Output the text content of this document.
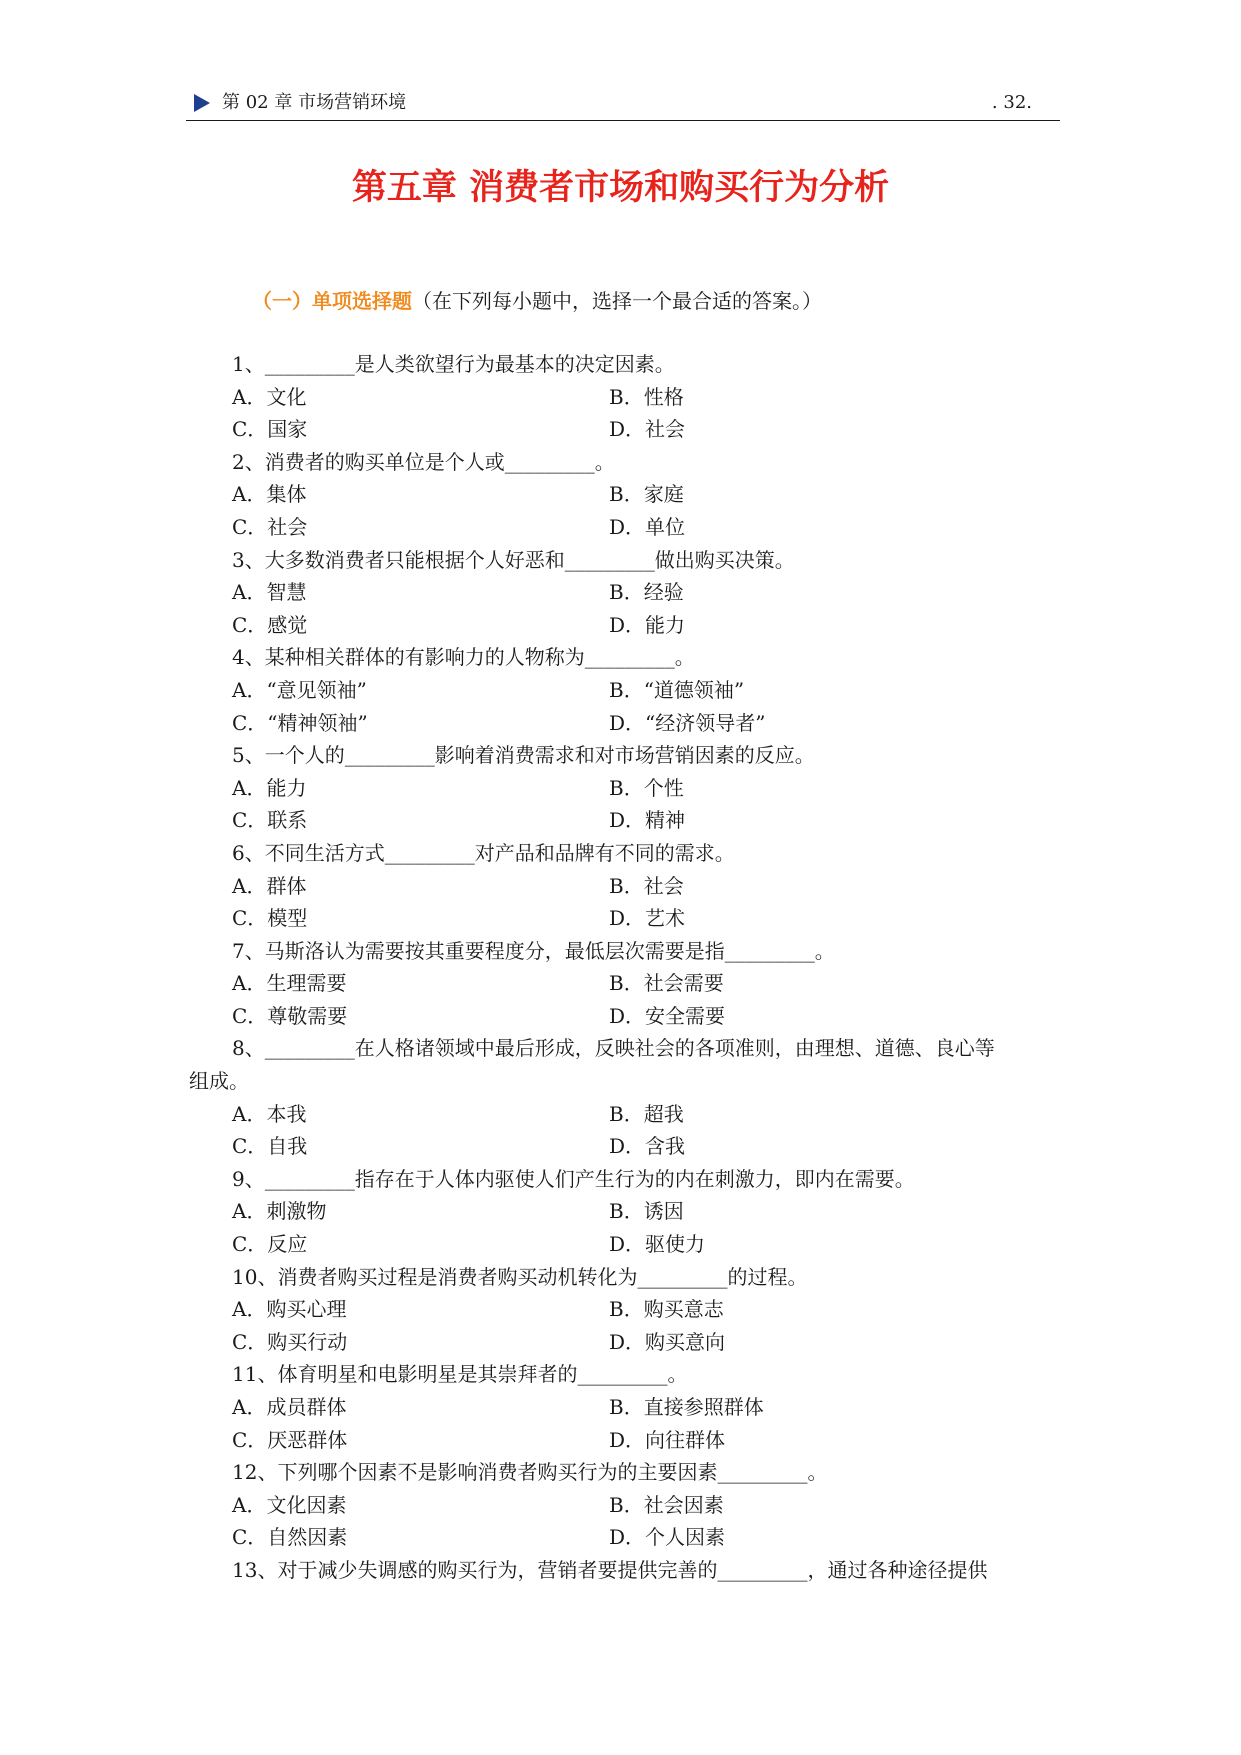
第 02 章 市场营销环境	. 32.
第五章 消费者市场和购买行为分析
（一）单项选择题（在下列每小题中，选择一个最合适的答案。）
1、_________是人类欲望行为最基本的决定因素。
A．文化	B．性格
C．国家	D．社会
2、消费者的购买单位是个人或_________。
A．集体	B．家庭
C．社会	D．单位
3、大多数消费者只能根据个人好恶和_________做出购买决策。
A．智慧	B．经验
C．感觉	D．能力
4、某种相关群体的有影响力的人物称为_________。
A．“意见领袖”	B．“道德领袖”
C．“精神领袖”	D．“经济领导者”
5、一个人的_________影响着消费需求和对市场营销因素的反应。
A．能力	B．个性
C．联系	D．精神
6、不同生活方式_________对产品和品牌有不同的需求。
A．群体	B．社会
C．模型	D．艺术
7、马斯洛认为需要按其重要程度分，最低层次需要是指_________。
A．生理需要	B．社会需要
C．尊敬需要	D．安全需要
8、_________在人格诸领域中最后形成，反映社会的各项准则，由理想、道德、良心等
组成。
A．本我	B．超我
C．自我	D．含我
9、_________指存在于人体内驱使人们产生行为的内在刺激力，即内在需要。
A．刺激物	B．诱因
C．反应	D．驱使力
10、消费者购买过程是消费者购买动机转化为_________的过程。
A．购买心理	B．购买意志
C．购买行动	D．购买意向
11、体育明星和电影明星是其崇拜者的_________。
A．成员群体	B．直接参照群体
C．厌恶群体	D．向往群体
12、下列哪个因素不是影响消费者购买行为的主要因素_________。
A．文化因素	B．社会因素
C．自然因素	D．个人因素
13、对于减少失调感的购买行为，营销者要提供完善的_________，通过各种途径提供
